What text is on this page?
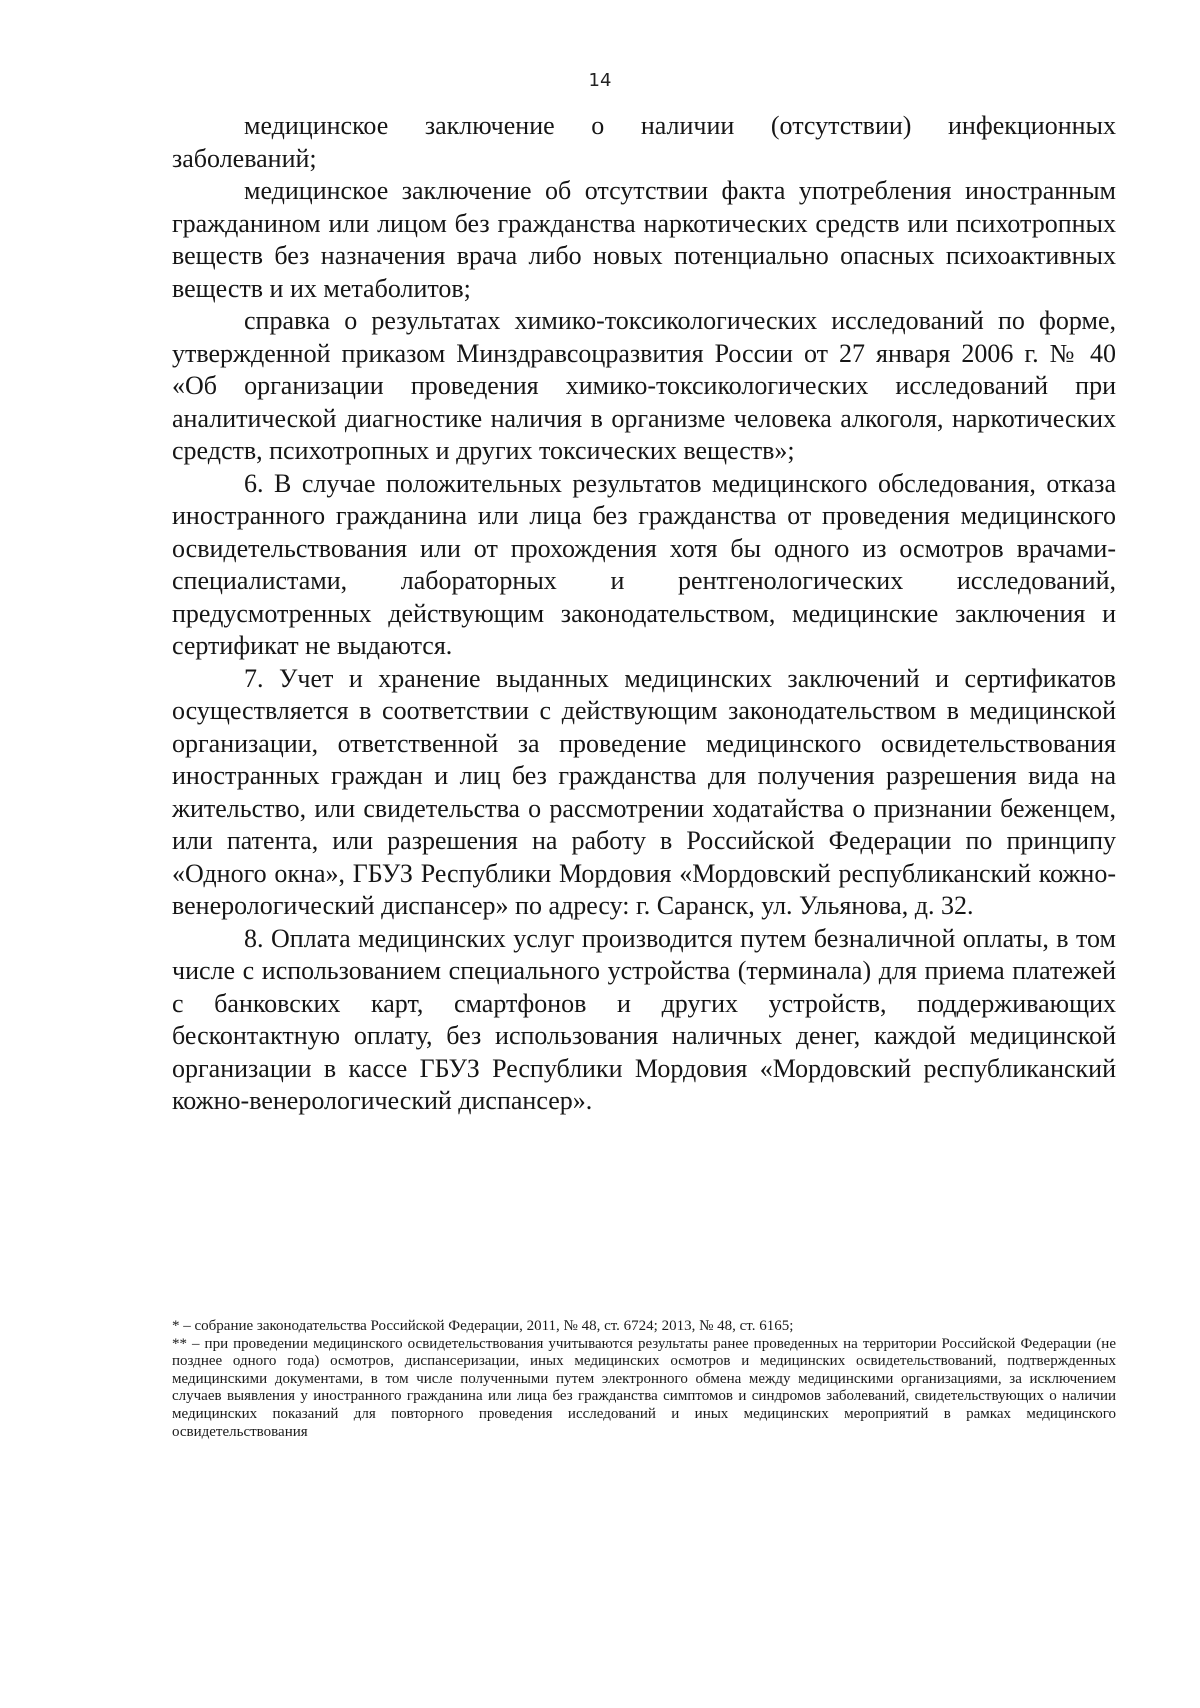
14

медицинское заключение о наличии (отсутствии) инфекционных заболеваний;

медицинское заключение об отсутствии факта употребления иностранным гражданином или лицом без гражданства наркотических средств или психотропных веществ без назначения врача либо новых потенциально опасных психоактивных веществ и их метаболитов;

справка о результатах химико-токсикологических исследований по форме, утвержденной приказом Минздравсоцразвития России от 27 января 2006 г. № 40 «Об организации проведения химико-токсикологических исследований при аналитической диагностике наличия в организме человека алкоголя, наркотических средств, психотропных и других токсических веществ»;

6. В случае положительных результатов медицинского обследования, отказа иностранного гражданина или лица без гражданства от проведения медицинского освидетельствования или от прохождения хотя бы одного из осмотров врачами-специалистами, лабораторных и рентгенологических исследований, предусмотренных действующим законодательством, медицинские заключения и сертификат не выдаются.

7. Учет и хранение выданных медицинских заключений и сертификатов осуществляется в соответствии с действующим законодательством в медицинской организации, ответственной за проведение медицинского освидетельствования иностранных граждан и лиц без гражданства для получения разрешения вида на жительство, или свидетельства о рассмотрении ходатайства о признании беженцем, или патента, или разрешения на работу в Российской Федерации по принципу «Одного окна», ГБУЗ Республики Мордовия «Мордовский республиканский кожно-венерологический диспансер» по адресу: г. Саранск, ул. Ульянова, д. 32.

8. Оплата медицинских услуг производится путем безналичной оплаты, в том числе с использованием специального устройства (терминала) для приема платежей с банковских карт, смартфонов и других устройств, поддерживающих бесконтактную оплату, без использования наличных денег, каждой медицинской организации в кассе ГБУЗ Республики Мордовия «Мордовский республиканский кожно-венерологический диспансер».

* – собрание законодательства Российской Федерации, 2011, № 48, ст. 6724; 2013, № 48, ст. 6165;

** – при проведении медицинского освидетельствования учитываются результаты ранее проведенных на территории Российской Федерации (не позднее одного года) осмотров, диспансеризации, иных медицинских осмотров и медицинских освидетельствований, подтвержденных медицинскими документами, в том числе полученными путем электронного обмена между медицинскими организациями, за исключением случаев выявления у иностранного гражданина или лица без гражданства симптомов и синдромов заболеваний, свидетельствующих о наличии медицинских показаний для повторного проведения исследований и иных медицинских мероприятий в рамках медицинского освидетельствования
